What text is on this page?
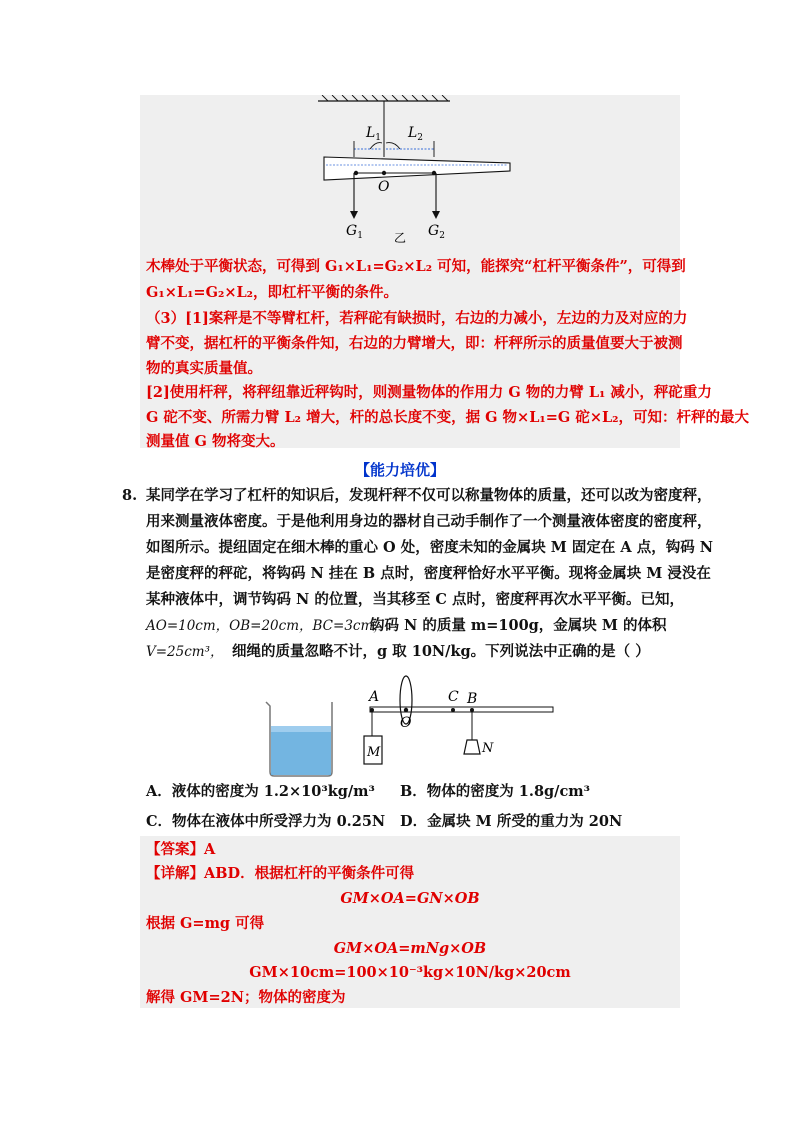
$L_1$ $L_2$
O
$G_1$	$G_2$
乙
木棒处于平衡状态，可得到 G₁×L₁=G₂×L₂ 可知，能探究“杠杆平衡条件”，可得到
G₁×L₁=G₂×L₂，即杠杆平衡的条件。
（3）[1]案秤是不等臂杠杆，若秤砣有缺损时，右边的力减小，左边的力及对应的力
臂不变，据杠杆的平衡条件知，右边的力臂增大，即：杆秤所示的质量值要大于被测
物的真实质量值。
[2]使用杆秤，将秤纽靠近秤钩时，则测量物体的作用力 G 物的力臂 L₁ 减小，秤砣重力
G 砣不变、所需力臂 L₂ 增大，杆的总长度不变，据 G 物×L₁=G 砣×L₂，可知：杆秤的最大
测量值 G 物将变大。
【能力培优】
8. 某同学在学习了杠杆的知识后，发现杆秤不仅可以称量物体的质量，还可以改为密度秤，
用来测量液体密度。于是他利用身边的器材自己动手制作了一个测量液体密度的密度秤，
如图所示。提纽固定在细木棒的重心 O 处，密度未知的金属块 M 固定在 A 点，钩码 N
是密度秤的秤砣，将钩码 N 挂在 B 点时，密度秤恰好水平平衡。现将金属块 M 浸没在
某种液体中，调节钩码 N 的位置，当其移至 C 点时，密度秤再次水平平衡。已知，
AO=10cm，OB=20cm，BC=3cm，
钩码 N 的质量 m=100g，金属块 M 的体积
V=25cm³， 细绳的质量忽略不计，g 取 10N/kg。下列说法中正确的是（ ）
A
O
C B
M	N
A．液体的密度为 1.2×10³kg/m³ B．物体的密度为 1.8g/cm³
C．物体在液体中所受浮力为 0.25N D．金属块 M 所受的重力为 20N
【答案】A
【详解】ABD．根据杠杆的平衡条件可得
GM×OA=GN×OB
根据 G=mg 可得
GM×OA=mNg×OB
GM×10cm=100×10⁻³kg×10N/kg×20cm
解得 GM=2N；物体的密度为
